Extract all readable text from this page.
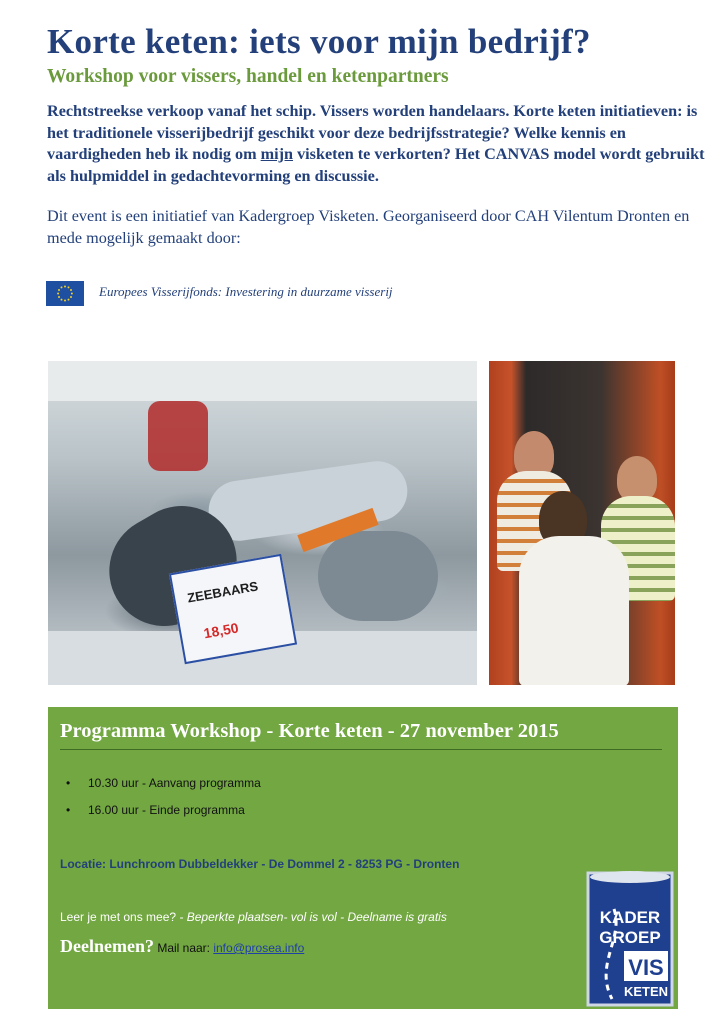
Korte keten: iets voor mijn bedrijf?
Workshop voor vissers, handel en ketenpartners
Rechtstreekse verkoop vanaf het schip. Vissers worden handelaars. Korte keten initiatieven: is het traditionele visserijbedrijf geschikt voor deze bedrijfsstrategie? Welke kennis en vaardigheden heb ik nodig om mijn visketen te verkorten? Het CANVAS model wordt gebruikt als hulpmiddel in gedachtevorming en discussie.
Dit event is een initiatief van Kadergroep Visketen. Georganiseerd door CAH Vilentum Dronten en mede mogelijk gemaakt door:
Europees Visserijfonds: Investering in duurzame visserij
ZEEBAARS
18,50
Programma Workshop - Korte keten - 27 november 2015
• 10.30 uur - Aanvang programma
• 16.00 uur - Einde programma
Locatie: Lunchroom Dubbeldekker - De Dommel 2 - 8253 PG - Dronten
Leer je met ons mee? - Beperkte plaatsen- vol is vol - Deelname is gratis
Deelnemen? Mail naar: info@prosea.info
KADER
GROEP
VIS
KETEN
